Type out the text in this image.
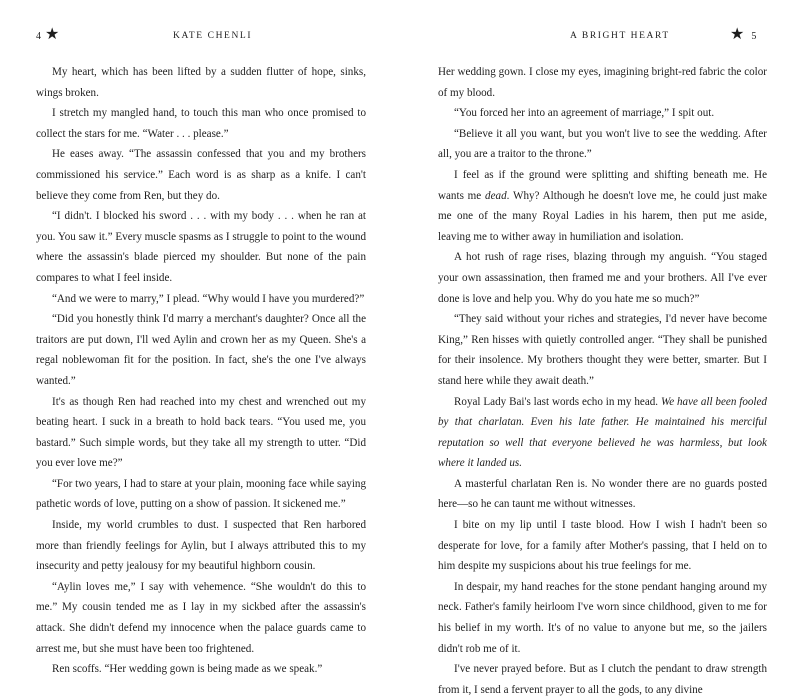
4 ★	KATE CHENLI

My heart, which has been lifted by a sudden flutter of hope, sinks, wings broken.

I stretch my mangled hand, to touch this man who once promised to collect the stars for me. “Water . . . please.”

He eases away. “The assassin confessed that you and my brothers commissioned his service.” Each word is as sharp as a knife. I can't believe they come from Ren, but they do.

“I didn't. I blocked his sword . . . with my body . . . when he ran at you. You saw it.” Every muscle spasms as I struggle to point to the wound where the assassin's blade pierced my shoulder. But none of the pain compares to what I feel inside.

“And we were to marry,” I plead. “Why would I have you murdered?”

“Did you honestly think I'd marry a merchant's daughter? Once all the traitors are put down, I'll wed Aylin and crown her as my Queen. She's a regal noblewoman fit for the position. In fact, she's the one I've always wanted.”

It's as though Ren had reached into my chest and wrenched out my beating heart. I suck in a breath to hold back tears. “You used me, you bastard.” Such simple words, but they take all my strength to utter. “Did you ever love me?”

“For two years, I had to stare at your plain, mooning face while saying pathetic words of love, putting on a show of passion. It sickened me.”

Inside, my world crumbles to dust. I suspected that Ren harbored more than friendly feelings for Aylin, but I always attributed this to my insecurity and petty jealousy for my beautiful highborn cousin.

“Aylin loves me,” I say with vehemence. “She wouldn't do this to me.” My cousin tended me as I lay in my sickbed after the assassin's attack. She didn't defend my innocence when the palace guards came to arrest me, but she must have been too frightened.

Ren scoffs. “Her wedding gown is being made as we speak.”

A BRIGHT HEART	★ 5

Her wedding gown. I close my eyes, imagining bright-red fabric the color of my blood.

“You forced her into an agreement of marriage,” I spit out.

“Believe it all you want, but you won't live to see the wedding. After all, you are a traitor to the throne.”

I feel as if the ground were splitting and shifting beneath me. He wants me dead. Why? Although he doesn't love me, he could just make me one of the many Royal Ladies in his harem, then put me aside, leaving me to wither away in humiliation and isolation.

A hot rush of rage rises, blazing through my anguish. “You staged your own assassination, then framed me and your brothers. All I've ever done is love and help you. Why do you hate me so much?”

“They said without your riches and strategies, I'd never have become King,” Ren hisses with quietly controlled anger. “They shall be punished for their insolence. My brothers thought they were better, smarter. But I stand here while they await death.”

Royal Lady Bai's last words echo in my head. We have all been fooled by that charlatan. Even his late father. He maintained his merciful reputation so well that everyone believed he was harmless, but look where it landed us.

A masterful charlatan Ren is. No wonder there are no guards posted here—so he can taunt me without witnesses.

I bite on my lip until I taste blood. How I wish I hadn't been so desperate for love, for a family after Mother's passing, that I held on to him despite my suspicions about his true feelings for me.

In despair, my hand reaches for the stone pendant hanging around my neck. Father's family heirloom I've worn since childhood, given to me for his belief in my worth. It's of no value to anyone but me, so the jailers didn't rob me of it.

I've never prayed before. But as I clutch the pendant to draw strength from it, I send a fervent prayer to all the gods, to any divine
